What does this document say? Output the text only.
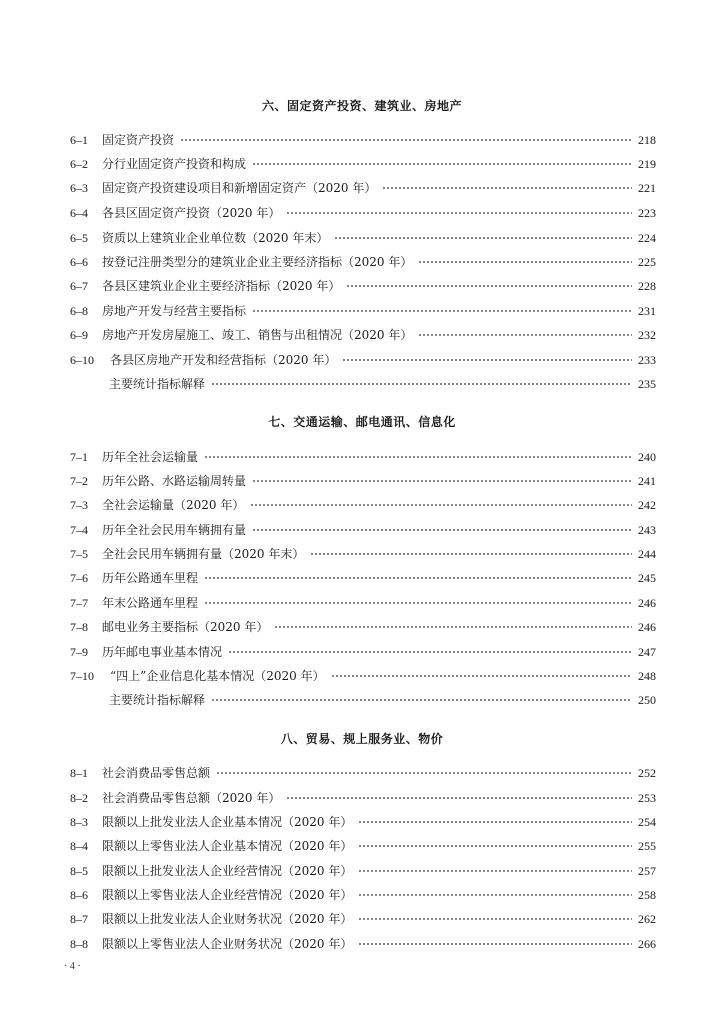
六、固定资产投资、建筑业、房地产
6–1	固定资产投资	218
6–2	分行业固定资产投资和构成	219
6–3	固定资产投资建设项目和新增固定资产（2020 年）	221
6–4	各县区固定资产投资（2020 年）	223
6–5	资质以上建筑业企业单位数（2020 年末）	224
6–6	按登记注册类型分的建筑业企业主要经济指标（2020 年）	225
6–7	各县区建筑业企业主要经济指标（2020 年）	228
6–8	房地产开发与经营主要指标	231
6–9	房地产开发房屋施工、竣工、销售与出租情况（2020 年）	232
6–10	各县区房地产开发和经营指标（2020 年）	233
主要统计指标解释	235
七、交通运输、邮电通讯、信息化
7–1	历年全社会运输量	240
7–2	历年公路、水路运输周转量	241
7–3	全社会运输量（2020 年）	242
7–4	历年全社会民用车辆拥有量	243
7–5	全社会民用车辆拥有量（2020 年末）	244
7–6	历年公路通车里程	245
7–7	年末公路通车里程	246
7–8	邮电业务主要指标（2020 年）	246
7–9	历年邮电事业基本情况	247
7–10	“四上”企业信息化基本情况（2020 年）	248
主要统计指标解释	250
八、贸易、规上服务业、物价
8–1	社会消费品零售总额	252
8–2	社会消费品零售总额（2020 年）	253
8–3	限额以上批发业法人企业基本情况（2020 年）	254
8–4	限额以上零售业法人企业基本情况（2020 年）	255
8–5	限额以上批发业法人企业经营情况（2020 年）	257
8–6	限额以上零售业法人企业经营情况（2020 年）	258
8–7	限额以上批发业法人企业财务状况（2020 年）	262
8–8	限额以上零售业法人企业财务状况（2020 年）	266
· 4 ·
